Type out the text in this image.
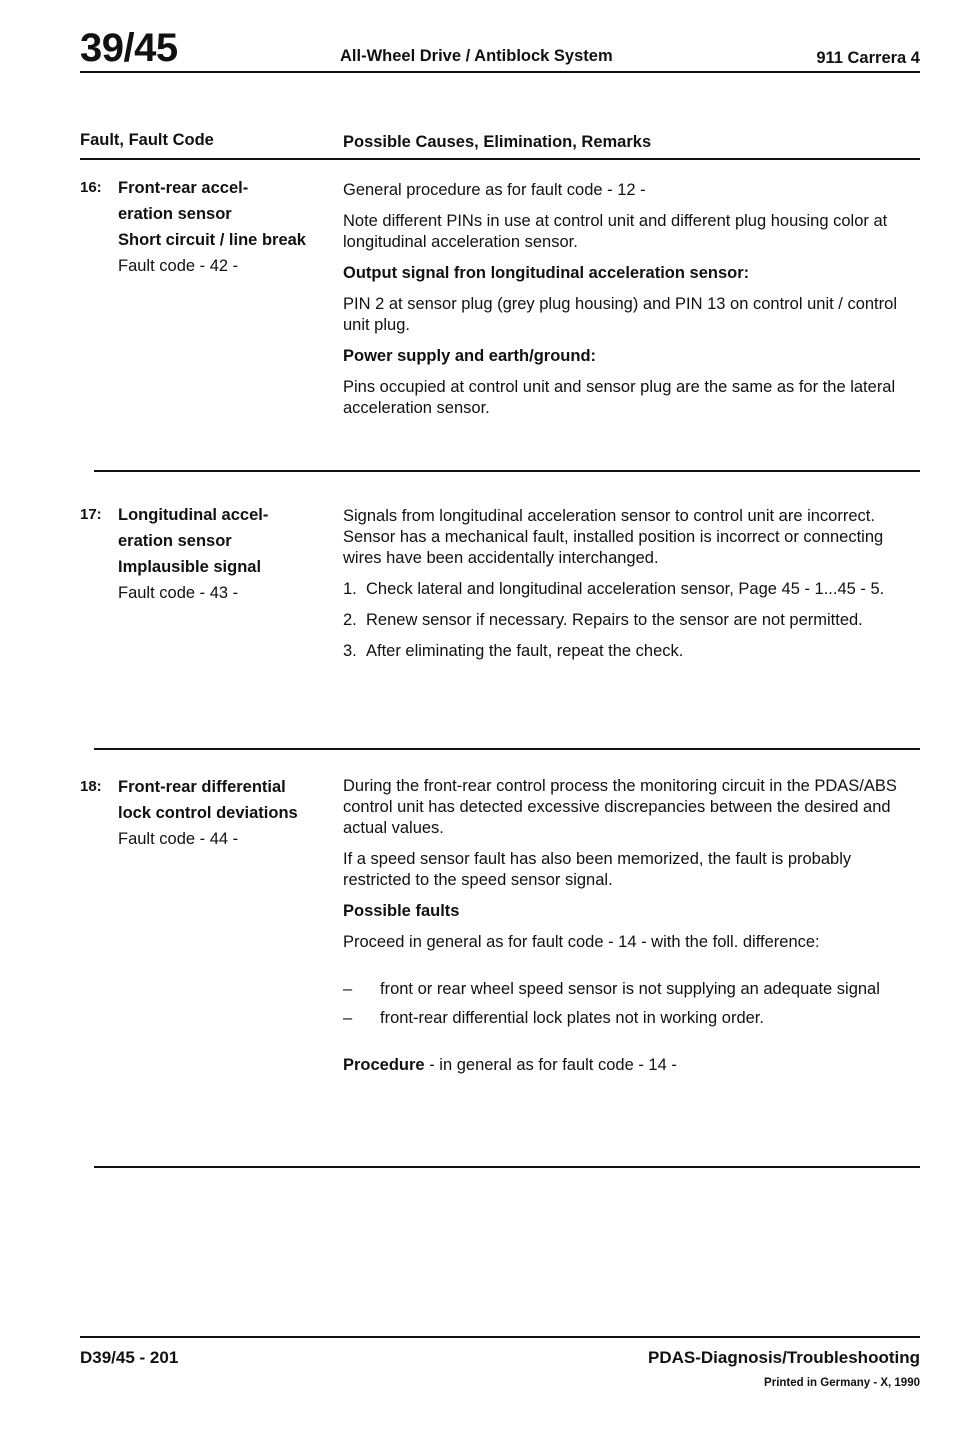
39/45	All-Wheel Drive / Antiblock System	911 Carrera 4
Fault, Fault Code	Possible Causes, Elimination, Remarks
16: Front-rear accel-
eration sensor
Short circuit / line break
Fault code - 42 -

General procedure as for fault code - 12 -

Note different PINs in use at control unit and different plug housing color at longitudinal acceleration sensor.

Output signal fron longitudinal acceleration sensor:

PIN 2 at sensor plug (grey plug housing) and PIN 13 on control unit / control unit plug.

Power supply and earth/ground:

Pins occupied at control unit and sensor plug are the same as for the lateral acceleration sensor.

17: Longitudinal accel-
eration sensor
Implausible signal
Fault code - 43 -

Signals from longitudinal acceleration sensor to control unit are incorrect. Sensor has a mechanical fault, installed position is incorrect or connecting wires have been accidentally interchanged.

1. Check lateral and longitudinal acceleration sensor, Page 45 - 1...45 - 5.
2. Renew sensor if necessary. Repairs to the sensor are not permitted.
3. After eliminating the fault, repeat the check.
18: Front-rear differential
lock control deviations
Fault code - 44 -

During the front-rear control process the monitoring circuit in the PDAS/ABS control unit has detected excessive discrepancies between the desired and actual values.

If a speed sensor fault has also been memorized, the fault is probably restricted to the speed sensor signal.

Possible faults

Proceed in general as for fault code - 14 - with the foll. difference:

– front or rear wheel speed sensor is not supplying an adequate signal
– front-rear differential lock plates not in working order.

Procedure - in general as for fault code - 14 -

D39/45 - 201	PDAS-Diagnosis/Troubleshooting
Printed in Germany - X, 1990
